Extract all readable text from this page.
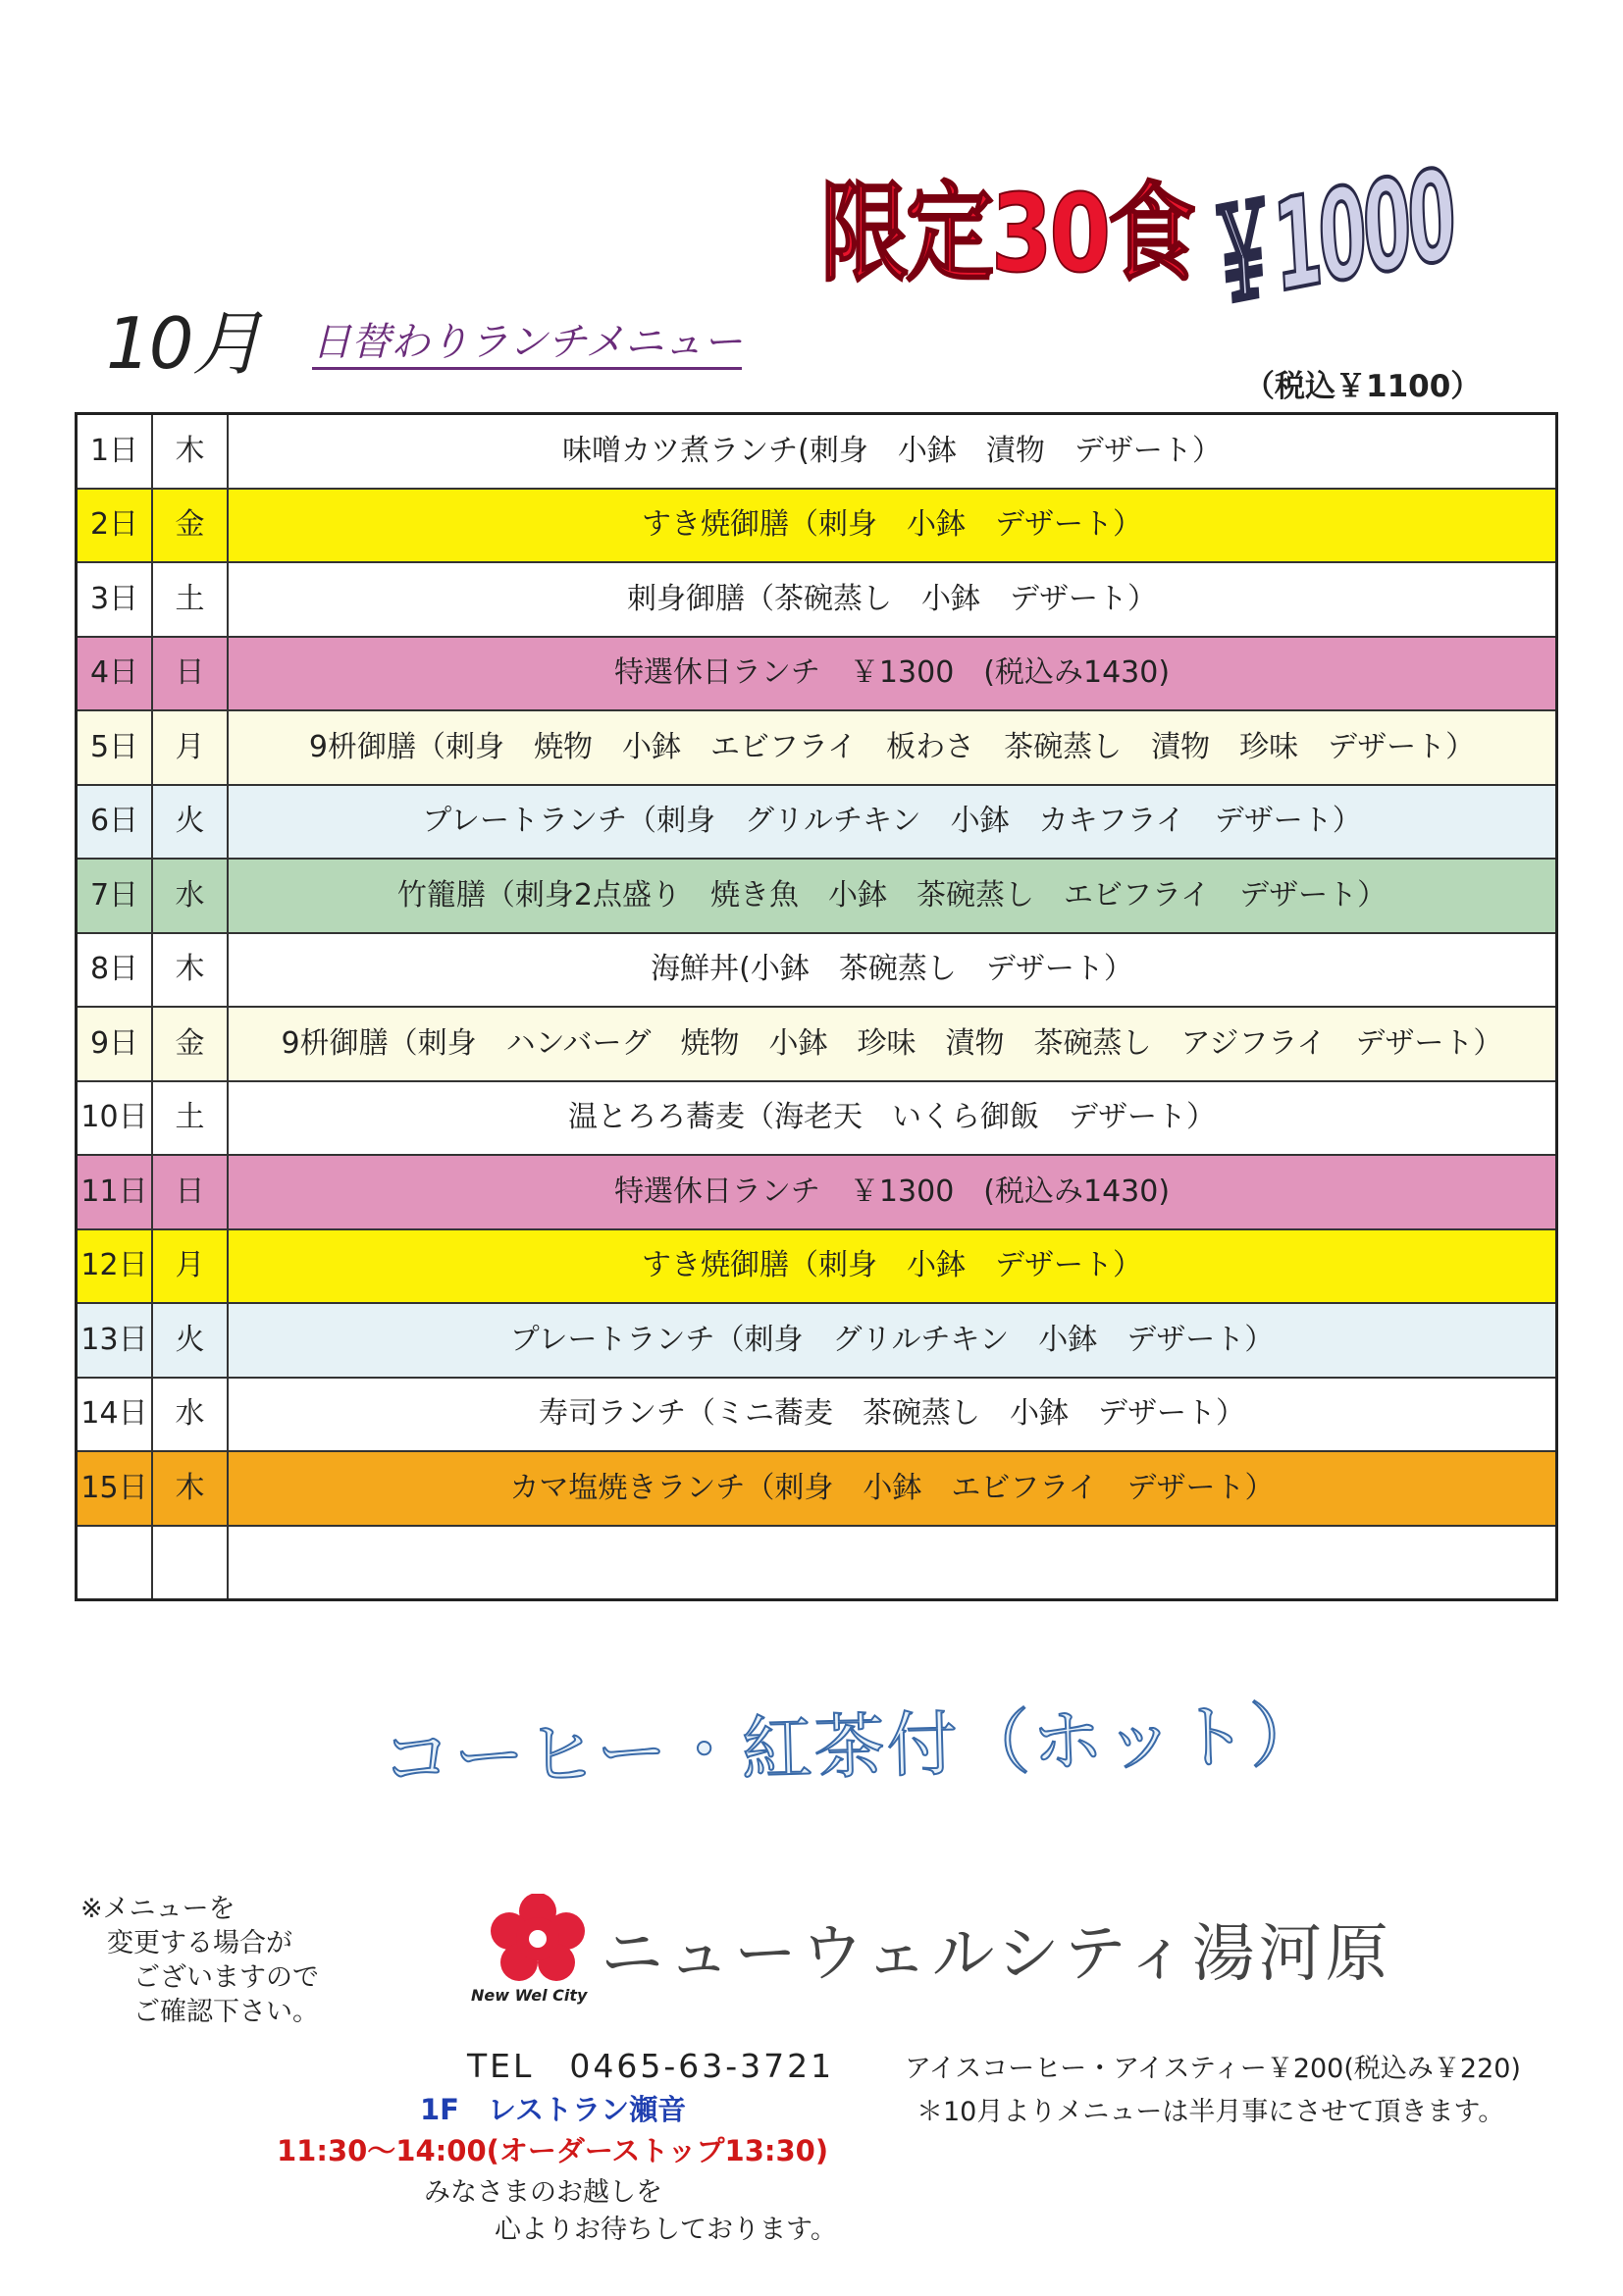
10月 日替わりランチメニュー
限定30食 ￥1000
（税込￥1100）
1日	木	味噌カツ煮ランチ(刺身　小鉢　漬物　デザート）
2日	金	すき焼御膳（刺身　小鉢　デザート）
3日	土	刺身御膳（茶碗蒸し　小鉢　デザート）
4日	日	特選休日ランチ　￥1300　(税込み1430)
5日	月	9枡御膳（刺身　焼物　小鉢　エビフライ　板わさ　茶碗蒸し　漬物　珍味　デザート）
6日	火	プレートランチ（刺身　グリルチキン　小鉢　カキフライ　デザート）
7日	水	竹籠膳（刺身2点盛り　焼き魚　小鉢　茶碗蒸し　エビフライ　デザート）
8日	木	海鮮丼(小鉢　茶碗蒸し　デザート）
9日	金	9枡御膳（刺身　ハンバーグ　焼物　小鉢　珍味　漬物　茶碗蒸し　アジフライ　デザート）
10日	土	温とろろ蕎麦（海老天　いくら御飯　デザート）
11日	日	特選休日ランチ　￥1300　(税込み1430)
12日	月	すき焼御膳（刺身　小鉢　デザート）
13日	火	プレートランチ（刺身　グリルチキン　小鉢　デザート）
14日	水	寿司ランチ（ミニ蕎麦　茶碗蒸し　小鉢　デザート）
15日	木	カマ塩焼きランチ（刺身　小鉢　エビフライ　デザート）

コーヒー・紅茶付（ホット）
※メニューを
　変更する場合が
　　ございますので
　　ご確認下さい。
New Wel City
ニューウェルシティ湯河原
TEL　0465-63-3721
1F　レストラン瀬音
11:30～14:00(オーダーストップ13:30)
みなさまのお越しを
心よりお待ちしております。
アイスコーヒー・アイスティー￥200(税込み￥220)
＊10月よりメニューは半月事にさせて頂きます。
